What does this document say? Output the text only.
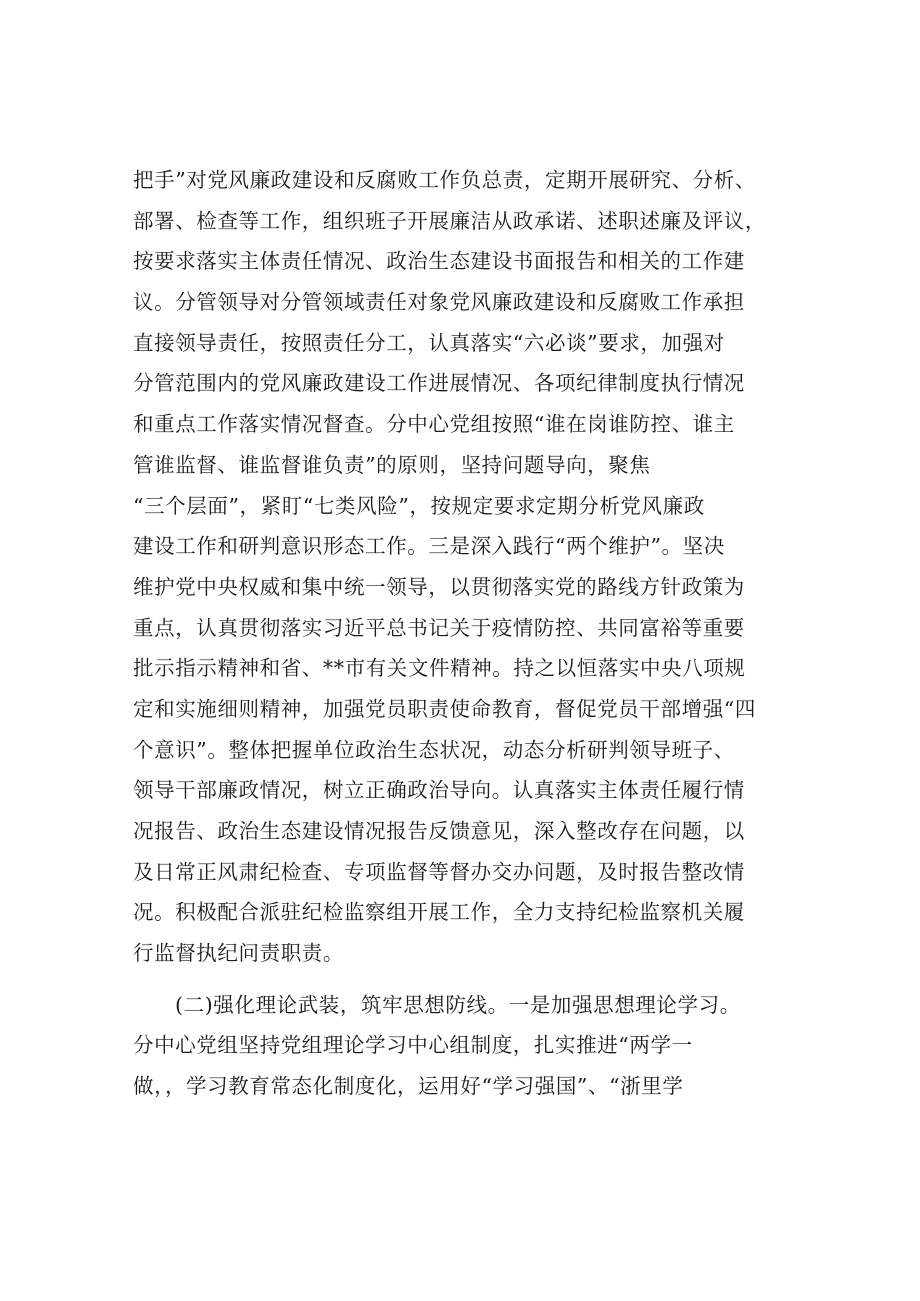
把手”对党风廉政建设和反腐败工作负总责，定期开展研究、分析、
部署、检查等工作，组织班子开展廉洁从政承诺、述职述廉及评议，
按要求落实主体责任情况、政治生态建设书面报告和相关的工作建
议。分管领导对分管领域责任对象党风廉政建设和反腐败工作承担
直接领导责任，按照责任分工，认真落实“六必谈”要求，加强对
分管范围内的党风廉政建设工作进展情况、各项纪律制度执行情况
和重点工作落实情况督查。分中心党组按照“谁在岗谁防控、谁主
管谁监督、谁监督谁负责”的原则，坚持问题导向，聚焦
“三个层面”，紧盯“七类风险”，按规定要求定期分析党风廉政
建设工作和研判意识形态工作。三是深入践行“两个维护”。坚决
维护党中央权威和集中统一领导，以贯彻落实党的路线方针政策为
重点，认真贯彻落实习近平总书记关于疫情防控、共同富裕等重要
批示指示精神和省、**市有关文件精神。持之以恒落实中央八项规
定和实施细则精神，加强党员职责使命教育，督促党员干部增强“四
个意识”。整体把握单位政治生态状况，动态分析研判领导班子、
领导干部廉政情况，树立正确政治导向。认真落实主体责任履行情
况报告、政治生态建设情况报告反馈意见，深入整改存在问题，以
及日常正风肃纪检查、专项监督等督办交办问题，及时报告整改情
况。积极配合派驻纪检监察组开展工作，全力支持纪检监察机关履
行监督执纪问责职责。
(二)强化理论武装，筑牢思想防线。一是加强思想理论学习。
分中心党组坚持党组理论学习中心组制度，扎实推进“两学一
做，，学习教育常态化制度化，运用好“学习强国”、“浙里学
